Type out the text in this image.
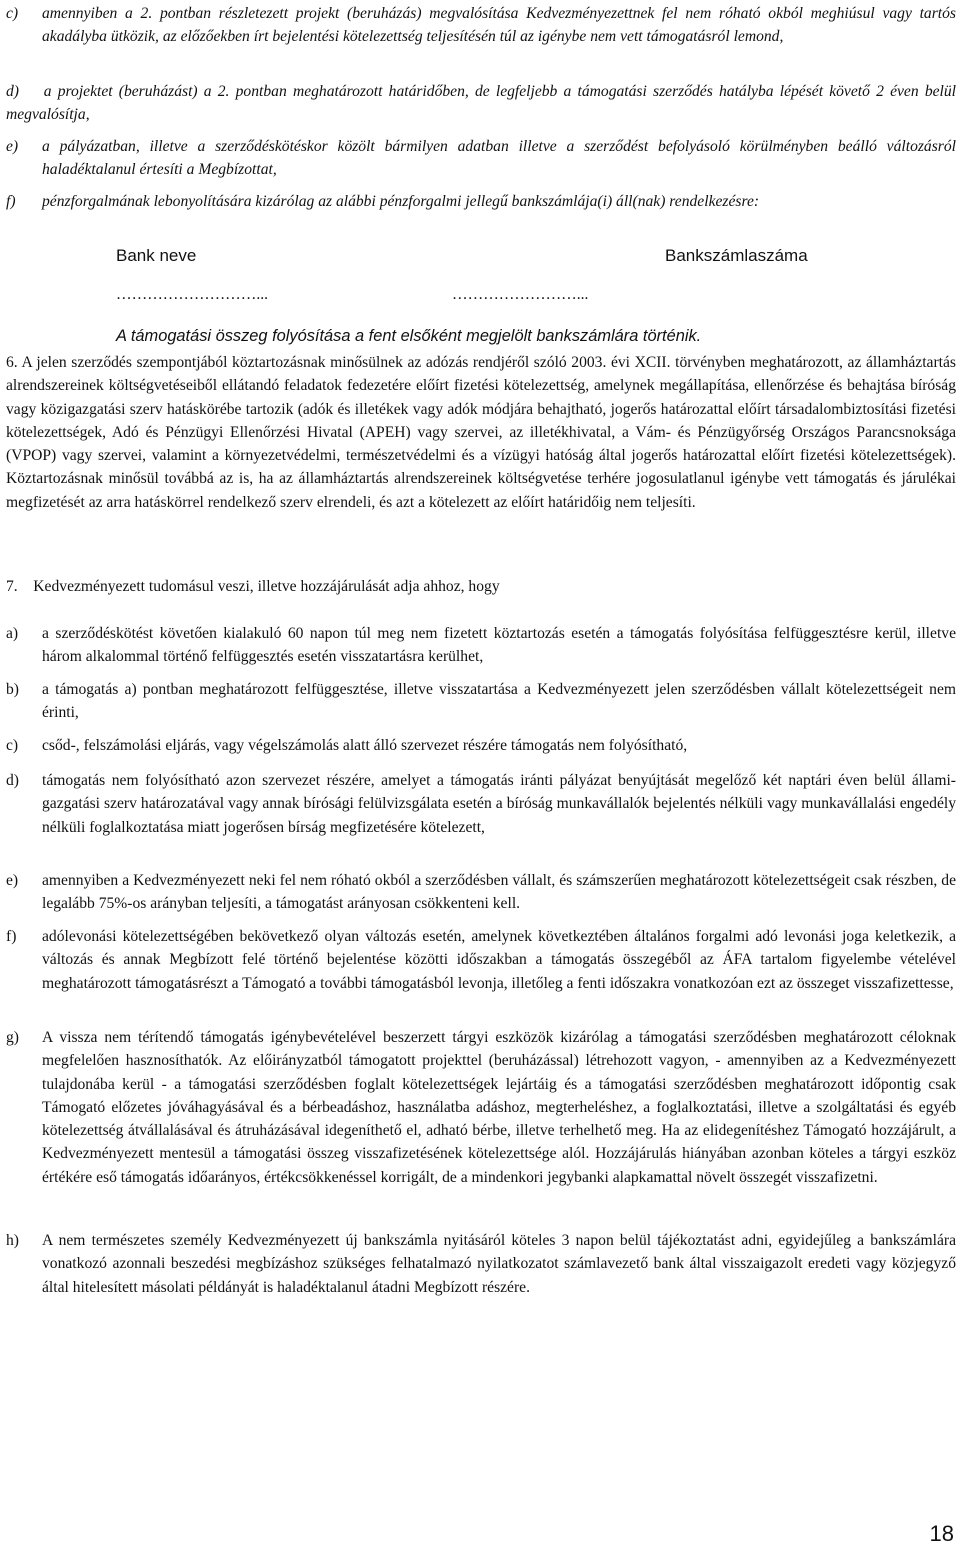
c) amennyiben a 2. pontban részletezett projekt (beruházás) megvalósítása Kedvezményezettnek fel nem róható okból meghiúsul vagy tartós akadályba ütközik, az előzőekben írt bejelentési kötelezettség teljesítésén túl az igénybe nem vett támogatásról lemond,
d) a projektet (beruházást) a 2. pontban meghatározott határidőben, de legfeljebb a támogatási szerződés hatályba lépését követő 2 éven belül megvalósítja,
e) a pályázatban, illetve a szerződéskötéskor közölt bármilyen adatban illetve a szerződést befolyásoló körülményben beálló változásról haladéktalanul értesíti a Megbízottat,
f) pénzforgalmának lebonyolítására kizárólag az alábbi pénzforgalmi jellegű bankszámlája(i) áll(nak) rendelkezésre:
Bank neve	Bankszámlaszáma
………………………...	……………………...
A támogatási összeg folyósítása a fent elsőként megjelölt bankszámlára történik.
6. A jelen szerződés szempontjából köztartozásnak minősülnek az adózás rendjéről szóló 2003. évi XCII. törvényben meghatározott, az államháztartás alrendszereinek költségvetéseiből ellátandó feladatok fedezetére előírt fizetési kötelezettség, amelynek megállapítása, ellenőrzése és behajtása bíróság vagy közigazgatási szerv hatáskörébe tartozik (adók és illetékek vagy adók módjára behajtható, jogerős határozattal előírt társadalombiztosítási fizetési kötelezettségek, Adó és Pénzügyi Ellenőrzési Hivatal (APEH) vagy szervei, az illetékhivatal, a Vám- és Pénzügyőrség Országos Parancsnoksága (VPOP) vagy szervei, valamint a környezetvédelmi, természetvédelmi és a vízügyi hatóság által jogerős határozattal előírt fizetési kötelezettségek). Köztartozásnak minősül továbbá az is, ha az államháztartás alrendszereinek költségvetése terhére jogosulatlanul igénybe vett támogatás és járulékai megfizetését az arra hatáskörrel rendelkező szerv elrendeli, és azt a kötelezett az előírt határidőig nem teljesíti.
7. Kedvezményezett tudomásul veszi, illetve hozzájárulását adja ahhoz, hogy
a) a szerződéskötést követően kialakuló 60 napon túl meg nem fizetett köztartozás esetén a támogatás folyósítása felfüggesztésre kerül, illetve három alkalommal történő felfüggesztés esetén visszatartásra kerülhet,
b) a támogatás a) pontban meghatározott felfüggesztése, illetve visszatartása a Kedvezményezett jelen szerződésben vállalt kötelezettségeit nem érinti,
c) csőd-, felszámolási eljárás, vagy végelszámolás alatt álló szervezet részére támogatás nem folyósítható,
d) támogatás nem folyósítható azon szervezet részére, amelyet a támogatás iránti pályázat benyújtását megelőző két naptári éven belül államigazgatási szerv határozatával vagy annak bírósági felülvizsgálata esetén a bíróság munkavállalók bejelentés nélküli vagy munkavállalási engedély nélküli foglalkoztatása miatt jogerősen bírság megfizetésére kötelezett,
e) amennyiben a Kedvezményezett neki fel nem róható okból a szerződésben vállalt, és számszerűen meghatározott kötelezettségeit csak részben, de legalább 75%-os arányban teljesíti, a támogatást arányosan csökkenteni kell.
f) adólevonási kötelezettségében bekövetkező olyan változás esetén, amelynek következtében általános forgalmi adó levonási joga keletkezik, a változás és annak Megbízott felé történő bejelentése közötti időszakban a támogatás összegéből az ÁFA tartalom figyelembe vételével meghatározott támogatásrészt a Támogató a további támogatásból levonja, illetőleg a fenti időszakra vonatkozóan ezt az összeget visszafizettesse,
g) A vissza nem térítendő támogatás igénybevételével beszerzett tárgyi eszközök kizárólag a támogatási szerződésben meghatározott céloknak megfelelően hasznosíthatók. Az előirányzatból támogatott projekttel (beruházással) létrehozott vagyon, - amennyiben az a Kedvezményezett tulajdonába kerül - a támogatási szerződésben foglalt kötelezettségek lejártáig és a támogatási szerződésben meghatározott időpontig csak Támogató előzetes jóváhagyásával és a bérbeadáshoz, használatba adáshoz, megterheléshez, a foglalkoztatási, illetve a szolgáltatási és egyéb kötelezettség átvállalásával és átruházásával idegeníthető el, adható bérbe, illetve terhelhető meg. Ha az elidegenítéshez Támogató hozzájárult, a Kedvezményezett mentesül a támogatási összeg visszafizetésének kötelezettsége alól. Hozzájárulás hiányában azonban köteles a tárgyi eszköz értékére eső támogatás időarányos, értékcsökkenéssel korrigált, de a mindenkori jegybanki alapkamattal növelt összegét visszafizetni.
h) A nem természetes személy Kedvezményezett új bankszámla nyitásáról köteles 3 napon belül tájékoztatást adni, egyidejűleg a bankszámlára vonatkozó azonnali beszedési megbízáshoz szükséges felhatalmazó nyilatkozatot számlavezető bank által visszaigazolt eredeti vagy közjegyző által hitelesített másolati példányát is haladéktalanul átadni Megbízott részére.
18
